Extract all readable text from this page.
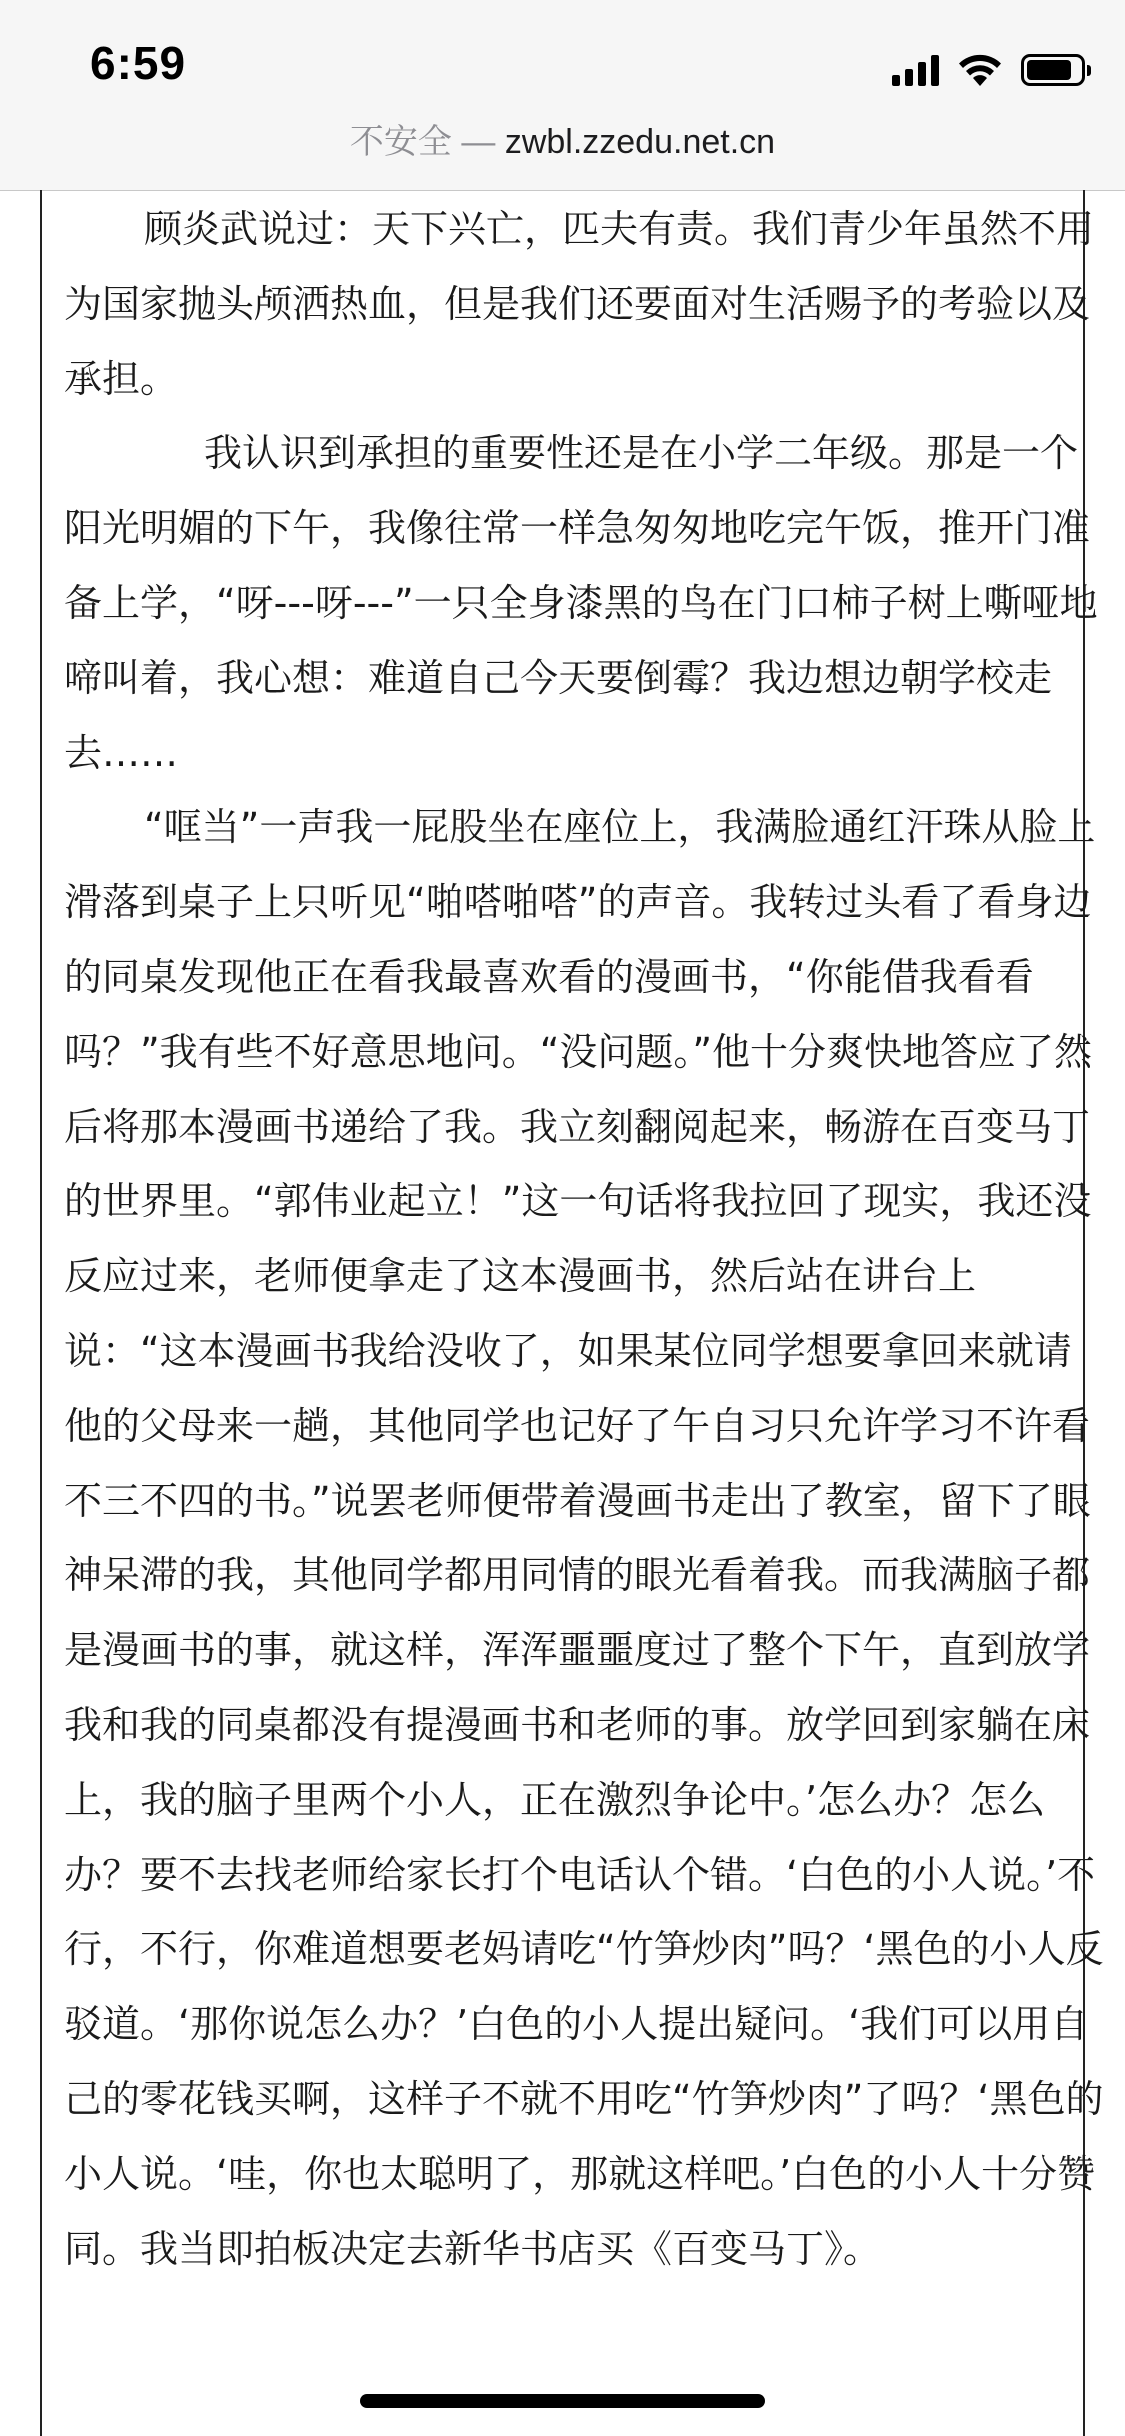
6:59
不安全 — zwbl.zzedu.net.cn

顾炎武说过：天下兴亡，匹夫有责。我们青少年虽然不用为国家抛头颅洒热血，但是我们还要面对生活赐予的考验以及承担。

我认识到承担的重要性还是在小学二年级。那是一个阳光明媚的下午，我像往常一样急匆匆地吃完午饭，推开门准备上学，“呀---呀---”一只全身漆黑的鸟在门口柿子树上嘶哑地啼叫着，我心想：难道自己今天要倒霉？我边想边朝学校走去……

“哐当”一声我一屁股坐在座位上，我满脸通红汗珠从脸上滑落到桌子上只听见“啪嗒啪嗒”的声音。我转过头看了看身边的同桌发现他正在看我最喜欢看的漫画书，“你能借我看看吗？”我有些不好意思地问。“没问题。”他十分爽快地答应了然后将那本漫画书递给了我。我立刻翻阅起来，畅游在百变马丁的世界里。“郭伟业起立！”这一句话将我拉回了现实，我还没反应过来，老师便拿走了这本漫画书，然后站在讲台上说：“这本漫画书我给没收了，如果某位同学想要拿回来就请他的父母来一趟，其他同学也记好了午自习只允许学习不许看不三不四的书。”说罢老师便带着漫画书走出了教室，留下了眼神呆滞的我，其他同学都用同情的眼光看着我。而我满脑子都是漫画书的事，就这样，浑浑噩噩度过了整个下午，直到放学我和我的同桌都没有提漫画书和老师的事。放学回到家躺在床上，我的脑子里两个小人，正在激烈争论中。’怎么办？怎么办？要不去找老师给家长打个电话认个错。‘白色的小人说。’不行，不行，你难道想要老妈请吃“竹笋炒肉”吗？‘黑色的小人反驳道。‘那你说怎么办？’白色的小人提出疑问。‘我们可以用自己的零花钱买啊，这样子不就不用吃“竹笋炒肉”了吗？‘黑色的小人说。‘哇，你也太聪明了，那就这样吧。’白色的小人十分赞同。我当即拍板决定去新华书店买《百变马丁》。
